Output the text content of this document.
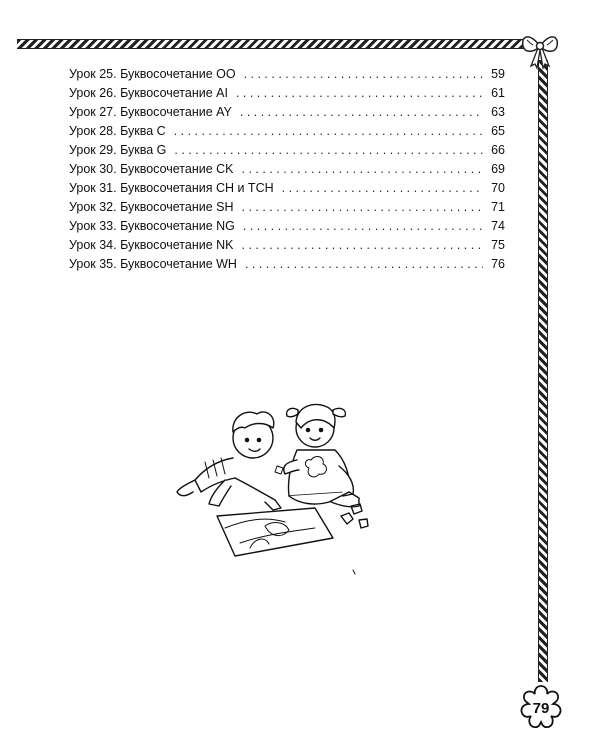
Урок 25. Буквосочетание OO . . .	59
Урок 26. Буквосочетание AI . . .	61
Урок 27. Буквосочетание AY . . .	63
Урок 28. Буква C . . .	65
Урок 29. Буква G . . .	66
Урок 30. Буквосочетание CK . . .	69
Урок 31. Буквосочетания CH и TCH . . .	70
Урок 32. Буквосочетание SH . . .	71
Урок 33. Буквосочетание NG . . .	74
Урок 34. Буквосочетание NK . . .	75
Урок 35. Буквосочетание WH . . .	76
79
